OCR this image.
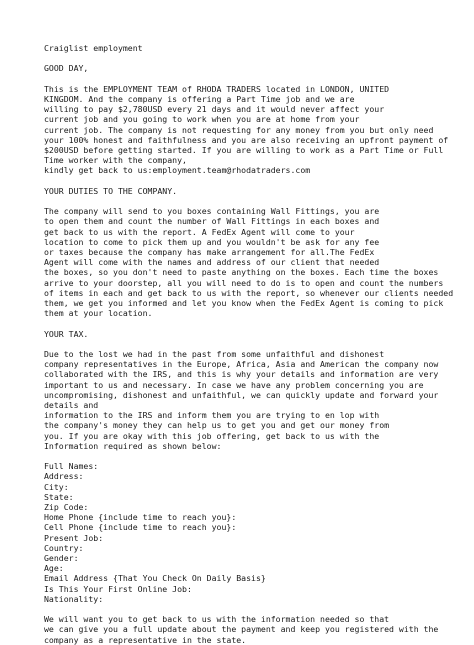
Craiglist employment
GOOD DAY,
This is the EMPLOYMENT TEAM of RHODA TRADERS located in LONDON, UNITED
KINGDOM. And the company is offering a Part Time job and we are
willing to pay $2,780USD every 21 days and it would never affect your
current job and you going to work when you are at home from your
current job. The company is not requesting for any money from you but only need
your 100% honest and faithfulness and you are also receiving an upfront payment of
$200USD before getting started. If you are willing to work as a Part Time or Full
Time worker with the company,
kindly get back to us:employment.team@rhodatraders.com
YOUR DUTIES TO THE COMPANY.
The company will send to you boxes containing Wall Fittings, you are
to open them and count the number of Wall Fittings in each boxes and
get back to us with the report. A FedEx Agent will come to your
location to come to pick them up and you wouldn't be ask for any fee
or taxes because the company has make arrangement for all.The FedEx
Agent will come with the names and address of our client that needed
the boxes, so you don't need to paste anything on the boxes. Each time the boxes
arrive to your doorstep, all you will need to do is to open and count the numbers
of items in each and get back to us with the report, so whenever our clients needed
them, we get you informed and let you know when the FedEx Agent is coming to pick
them at your location.
YOUR TAX.
Due to the lost we had in the past from some unfaithful and dishonest
company representatives in the Europe, Africa, Asia and American the company now
collaborated with the IRS, and this is why your details and information are very
important to us and necessary. In case we have any problem concerning you are
uncompromising, dishonest and unfaithful, we can quickly update and forward your
details and
information to the IRS and inform them you are trying to en lop with
the company's money they can help us to get you and get our money from
you. If you are okay with this job offering, get back to us with the
Information required as shown below:
Full Names:
Address:
City:
State:
Zip Code:
Home Phone {include time to reach you}:
Cell Phone {include time to reach you}:
Present Job:
Country:
Gender:
Age:
Email Address {That You Check On Daily Basis}
Is This Your First Online Job:
Nationality:
We will want you to get back to us with the information needed so that
we can give you a full update about the payment and keep you registered with the
company as a representative in the state.
